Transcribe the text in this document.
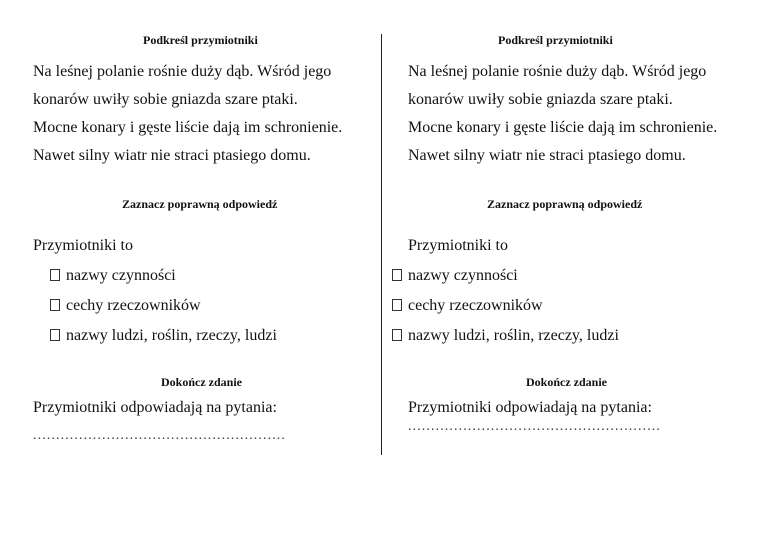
Podkreśl przymiotniki
Na leśnej polanie rośnie duży dąb. Wśród jego
konarów uwiły sobie gniazda szare ptaki.
Mocne konary i gęste liście dają im schronienie.
Nawet silny wiatr nie straci ptasiego domu.
Zaznacz poprawną odpowiedź
Przymiotniki to
nazwy czynności
cechy rzeczowników
nazwy ludzi, roślin, rzeczy, ludzi
Dokończ zdanie
Przymiotniki odpowiadają na pytania:
.......................................................
Podkreśl przymiotniki
Na leśnej polanie rośnie duży dąb. Wśród jego
konarów uwiły sobie gniazda szare ptaki.
Mocne konary i gęste liście dają im schronienie.
Nawet silny wiatr nie straci ptasiego domu.
Zaznacz poprawną odpowiedź
Przymiotniki to
nazwy czynności
cechy rzeczowników
nazwy ludzi, roślin, rzeczy, ludzi
Dokończ zdanie
Przymiotniki odpowiadają na pytania:
.......................................................
